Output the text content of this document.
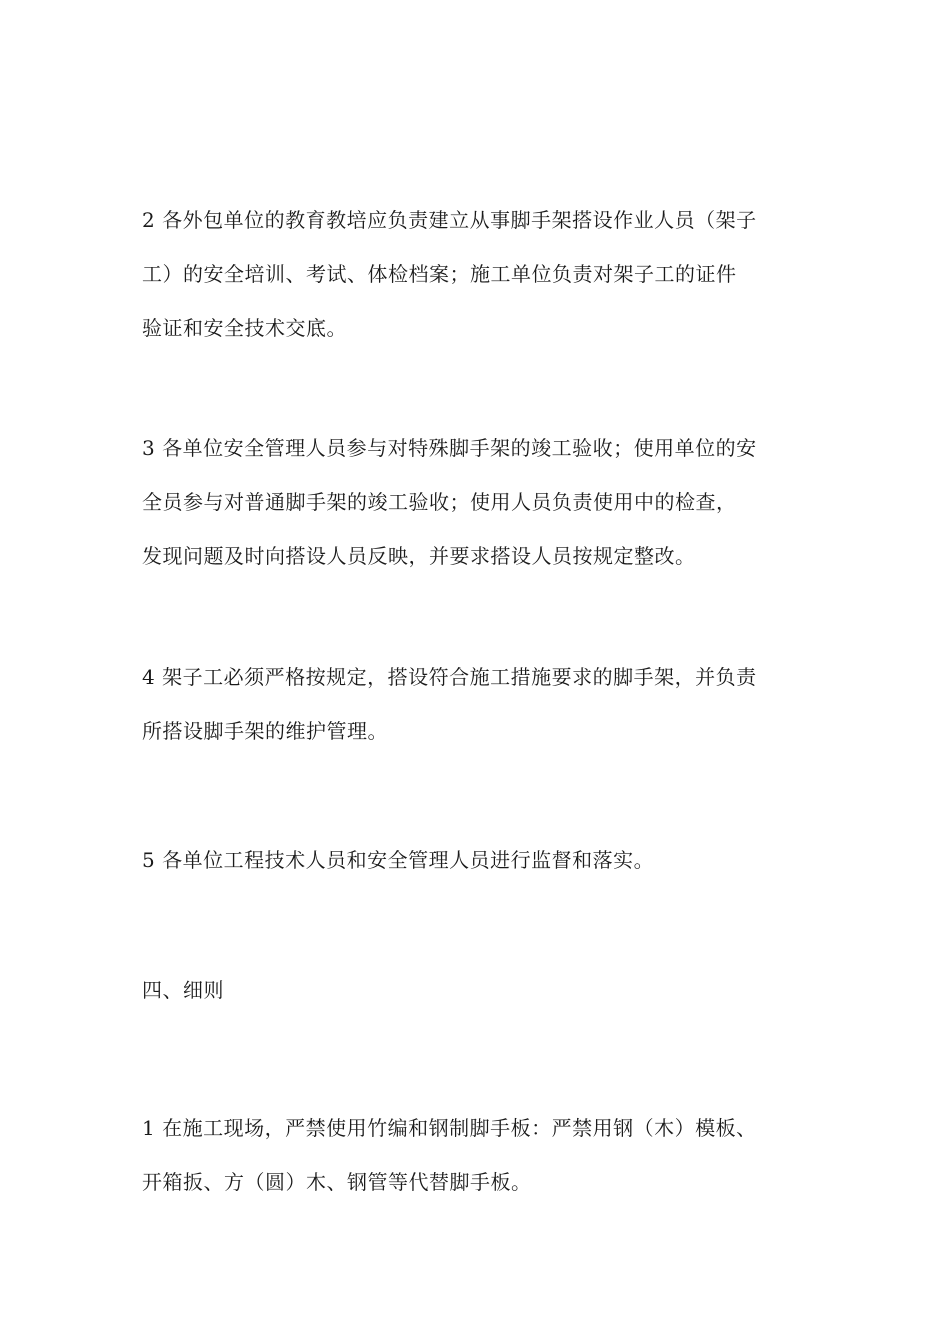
2 各外包单位的教育教培应负责建立从事脚手架搭设作业人员（架子
工）的安全培训、考试、体检档案；施工单位负责对架子工的证件
验证和安全技术交底。

3 各单位安全管理人员参与对特殊脚手架的竣工验收；使用单位的安
全员参与对普通脚手架的竣工验收；使用人员负责使用中的检查，
发现问题及时向搭设人员反映，并要求搭设人员按规定整改。

4 架子工必须严格按规定，搭设符合施工措施要求的脚手架，并负责
所搭设脚手架的维护管理。

5 各单位工程技术人员和安全管理人员进行监督和落实。

四、细则

1 在施工现场，严禁使用竹编和钢制脚手板：严禁用钢（木）模板、
开箱扳、方（圆）木、钢管等代替脚手板。
